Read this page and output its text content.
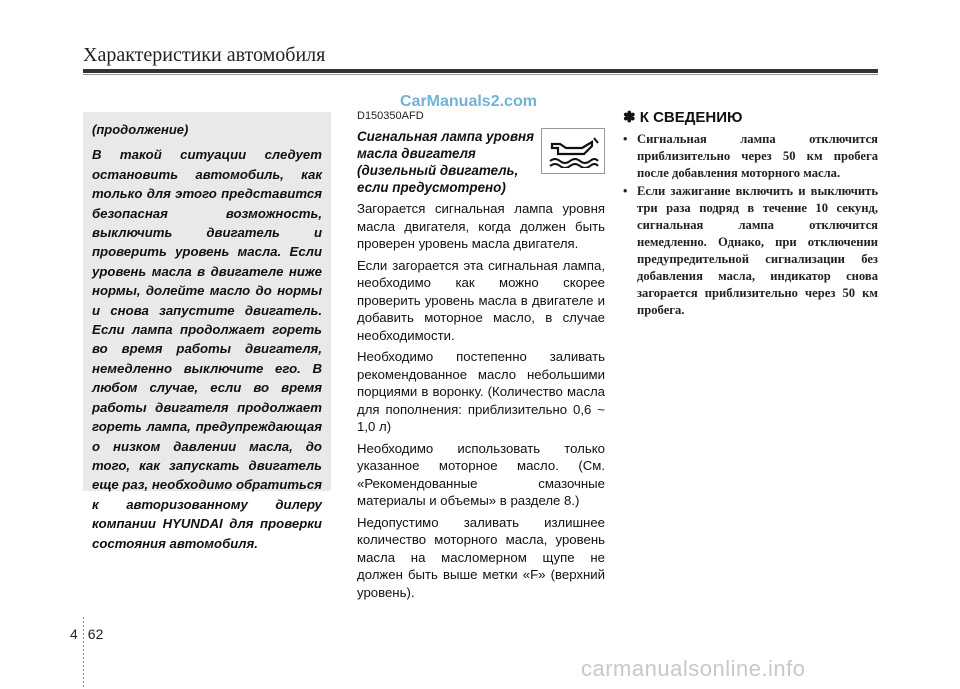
Характеристики автомобиля
CarManuals2.com
(продолжение)
В такой ситуации следует остановить автомобиль, как только для этого представится безопасная возможность, выключить двигатель и проверить уровень масла. Если уровень масла в двигателе ниже нормы, долейте масло до нормы и снова запустите двигатель. Если лампа продолжает гореть во время работы двигателя, немедленно выключите его. В любом случае, если во время работы двигателя продолжает гореть лампа, предупреждающая о низком давлении масла, до того, как запускать двигатель еще раз, необходимо обратиться к авторизованному дилеру компании HYUNDAI для проверки состояния автомобиля.
D150350AFD
Сигнальная лампа уровня масла двигателя (дизельный двигатель, если предусмотрено)

Загорается сигнальная лампа уровня масла двигателя, когда должен быть проверен уровень масла двигателя.

Если загорается эта сигнальная лампа, необходимо как можно скорее проверить уровень масла в двигателе и добавить моторное масло, в случае необходимости.

Необходимо постепенно заливать рекомендованное масло небольшими порциями в воронку. (Количество масла для пополнения: приблизительно 0,6 ~ 1,0 л)

Необходимо использовать только указанное моторное масло. (См. «Рекомендованные смазочные материалы и объемы» в разделе 8.)

Недопустимо заливать излишнее количество моторного масла, уровень масла на масломерном щупе не должен быть выше метки «F» (верхний уровень).

✽ К СВЕДЕНИЮ
• Сигнальная лампа отключится приблизительно через 50 км пробега после добавления моторного масла.
• Если зажигание включить и выключить три раза подряд в течение 10 секунд, сигнальная лампа отключится немедленно. Однако, при отключении предупредительной сигнализации без добавления масла, индикатор снова загорается приблизительно через 50 км пробега.
4 62
carmanualsonline.info
